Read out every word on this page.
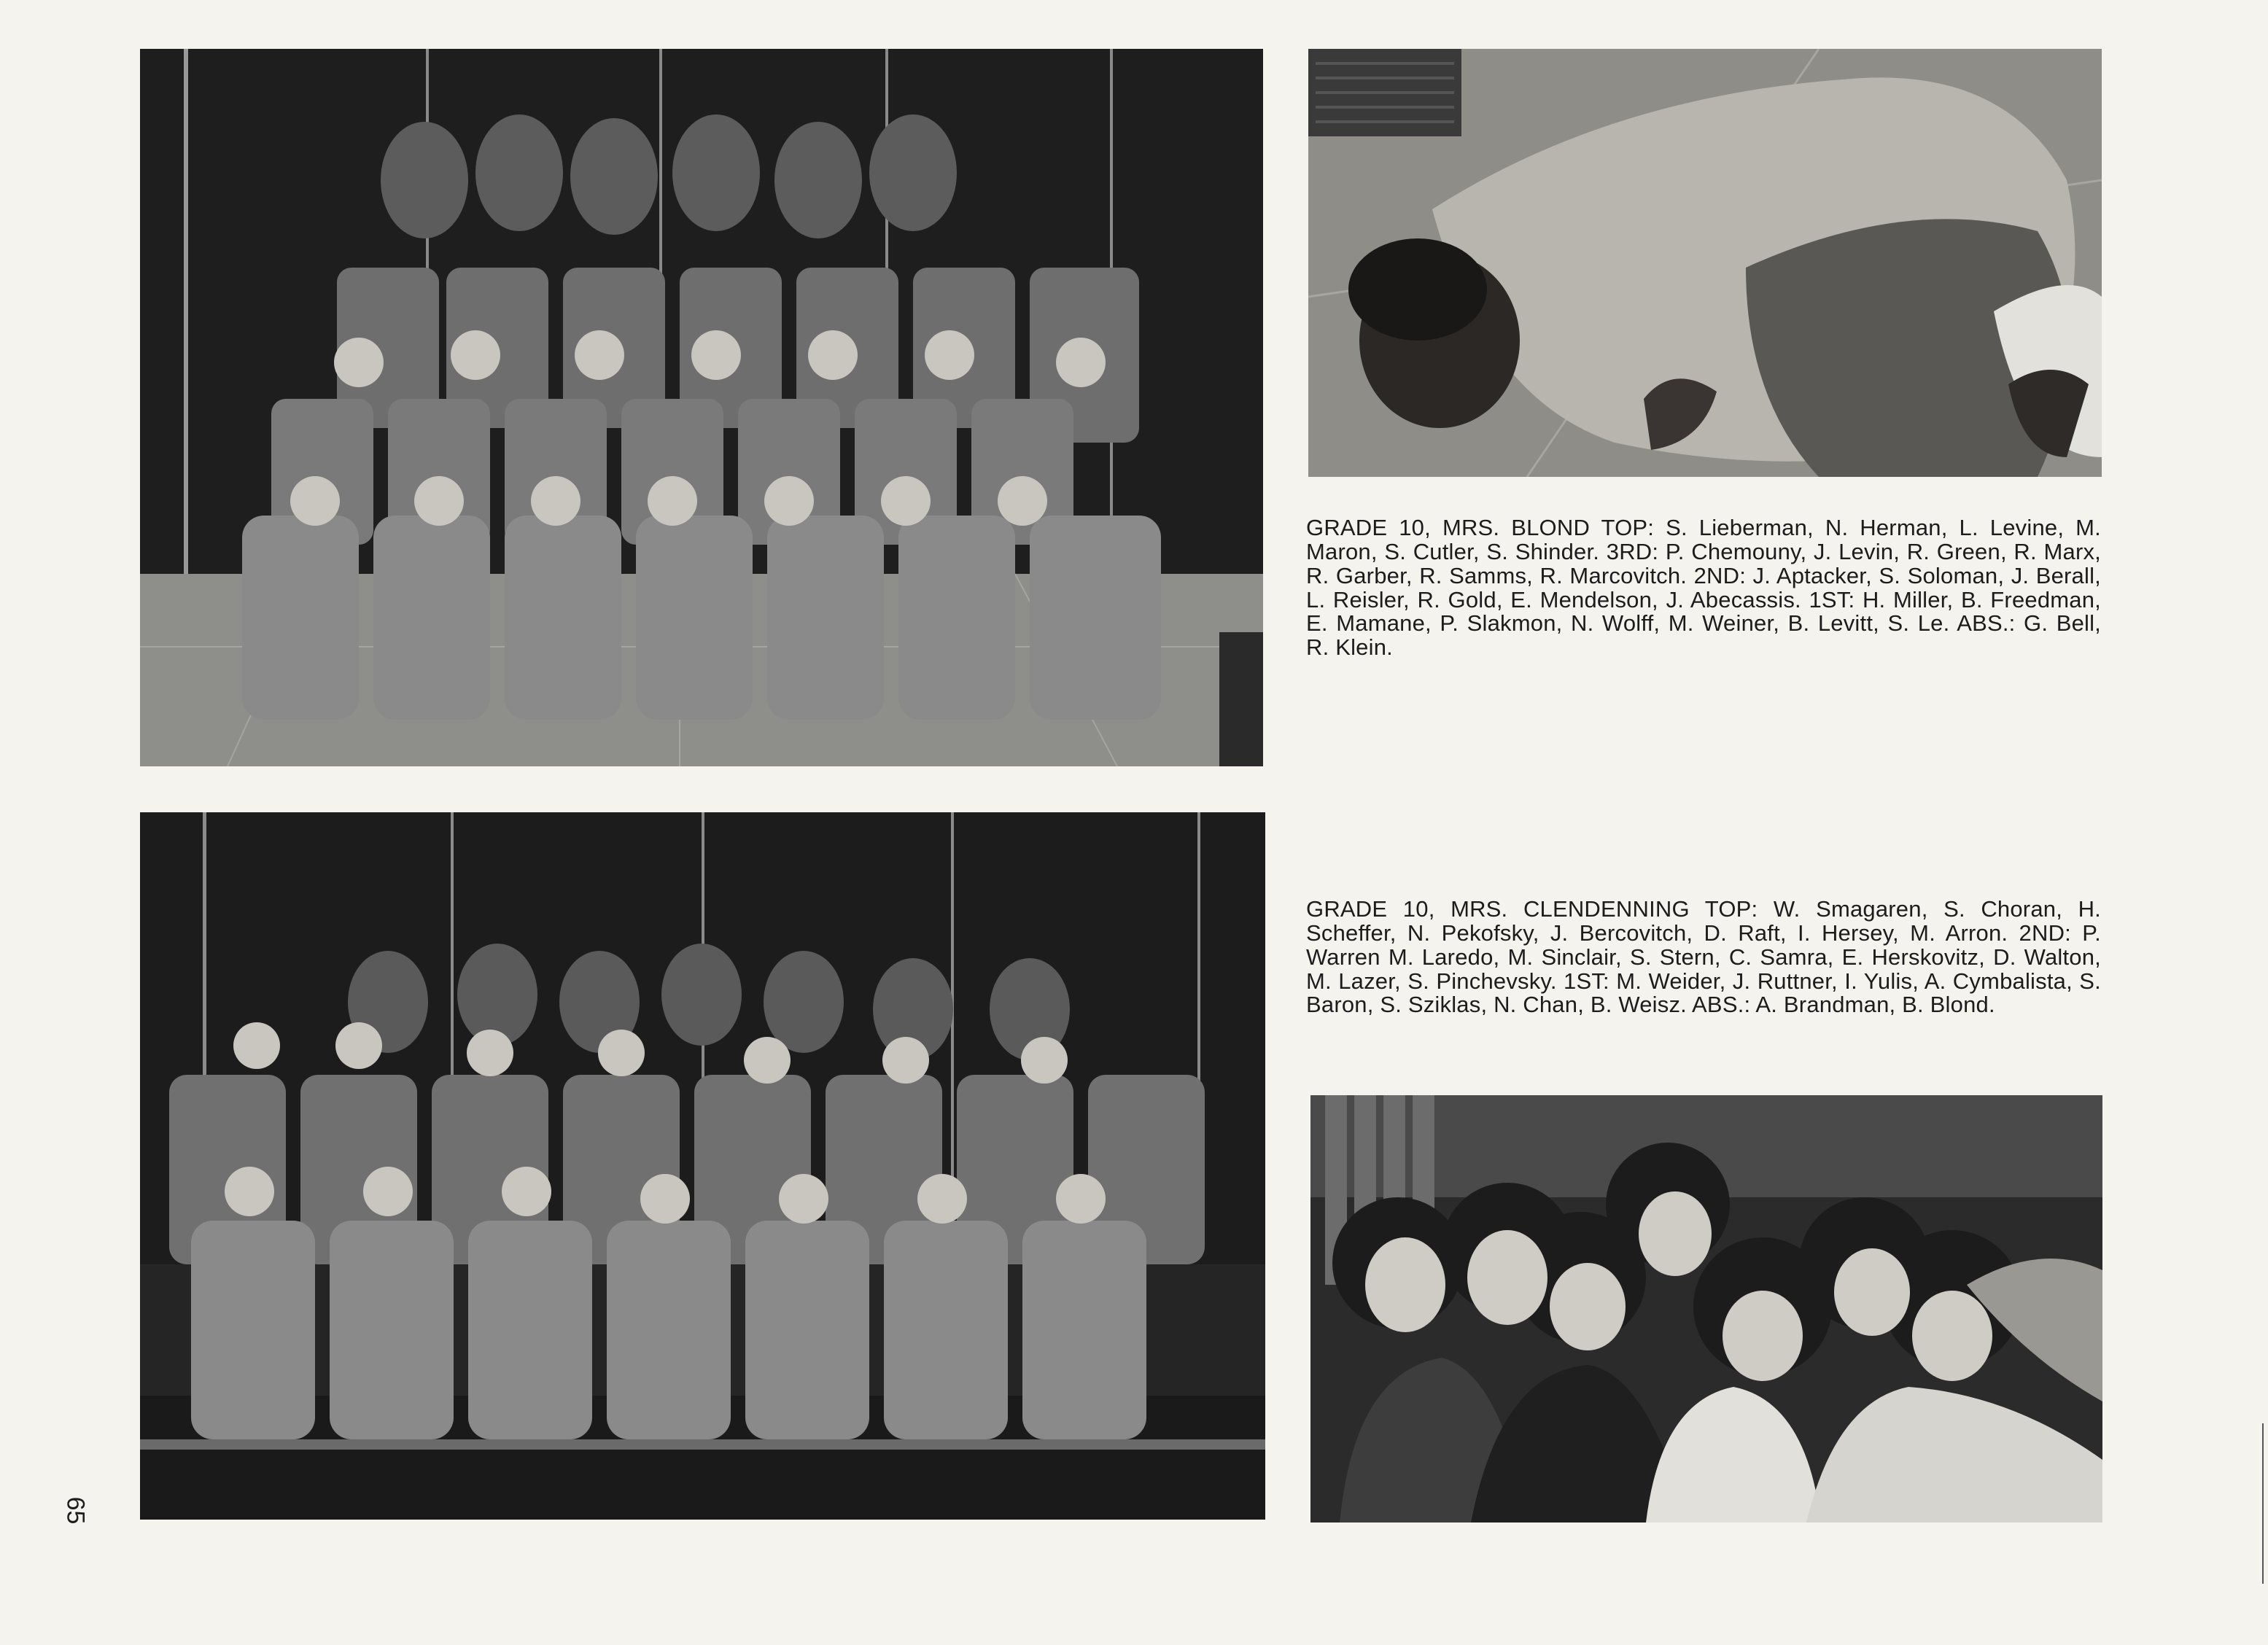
GRADE 10, MRS. BLOND TOP: S. Lieberman, N. Herman, L. Levine, M. Maron, S. Cutler, S. Shinder. 3RD: P. Chemouny, J. Levin, R. Green, R. Marx, R. Garber, R. Samms, R. Marcovitch. 2ND: J. Aptacker, S. Soloman, J. Berall, L. Reisler, R. Gold, E. Mendelson, J. Abecassis. 1ST: H. Miller, B. Freedman, E. Mamane, P. Slakmon, N. Wolff, M. Weiner, B. Levitt, S. Le. ABS.: G. Bell, R. Klein.

GRADE 10, MRS. CLENDENNING TOP: W. Smagaren, S. Choran, H. Scheffer, N. Pekofsky, J. Bercovitch, D. Raft, I. Hersey, M. Arron. 2ND: P. Warren M. Laredo, M. Sinclair, S. Stern, C. Samra, E. Herskovitz, D. Walton, M. Lazer, S. Pinchevsky. 1ST: M. Weider, J. Ruttner, I. Yulis, A. Cymbalista, S. Baron, S. Sziklas, N. Chan, B. Weisz. ABS.: A. Brandman, B. Blond.

65
